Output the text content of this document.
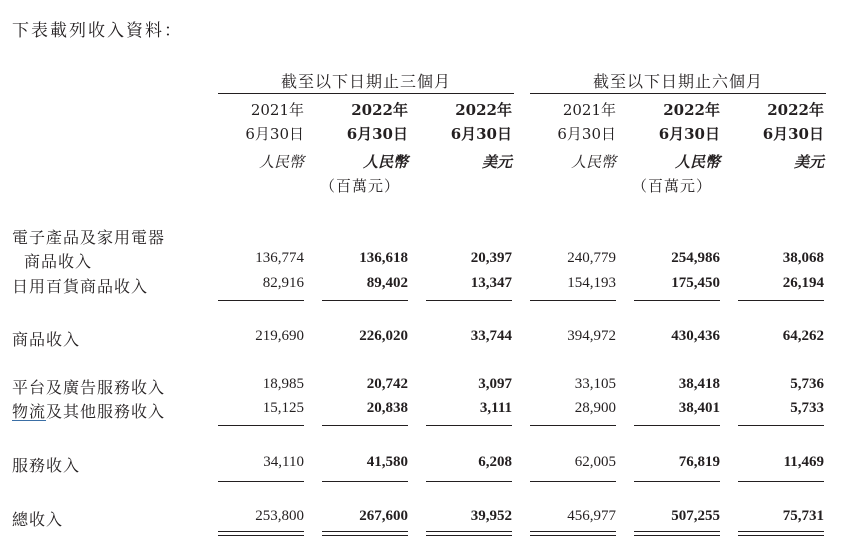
下表載列收入資料：
截至以下日期止三個月	截至以下日期止六個月
2021年	2022年	2022年	2021年	2022年	2022年
6月30日	6月30日	6月30日	6月30日	6月30日	6月30日
人民幣	人民幣	美元	人民幣	人民幣	美元
（百萬元）	（百萬元）
電子產品及家用電器
商品收入	136,774	136,618	20,397	240,779	254,986	38,068
日用百貨商品收入	82,916	89,402	13,347	154,193	175,450	26,194
商品收入	219,690	226,020	33,744	394,972	430,436	64,262
平台及廣告服務收入	18,985	20,742	3,097	33,105	38,418	5,736
物流及其他服務收入	15,125	20,838	3,111	28,900	38,401	5,733
服務收入	34,110	41,580	6,208	62,005	76,819	11,469
總收入	253,800	267,600	39,952	456,977	507,255	75,731
